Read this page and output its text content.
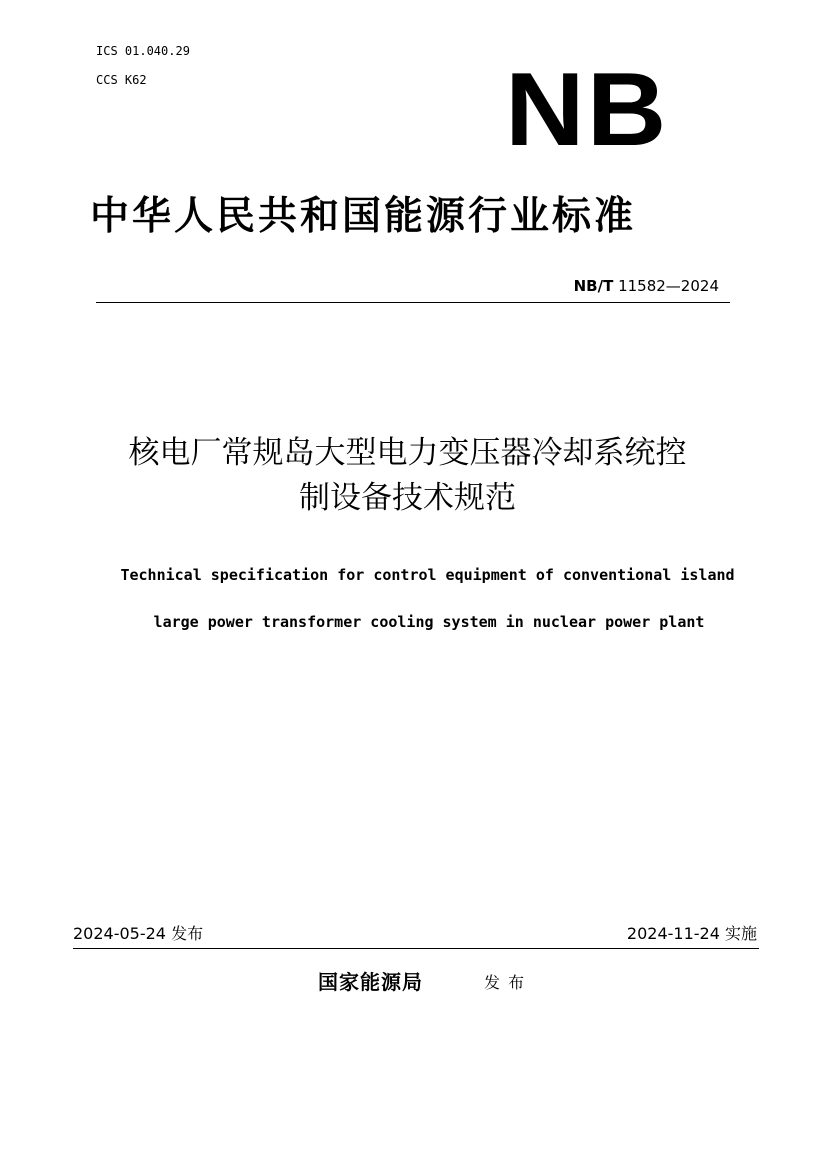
ICS 01.040.29
CCS K62	NB
中华人民共和国能源行业标准
NB/T 11582—2024
核电厂常规岛大型电力变压器冷却系统控
制设备技术规范
Technical specification for control equipment of conventional island
large power transformer cooling system in nuclear power plant
2024-05-24 发布	2024-11-24 实施
国家能源局	发布
